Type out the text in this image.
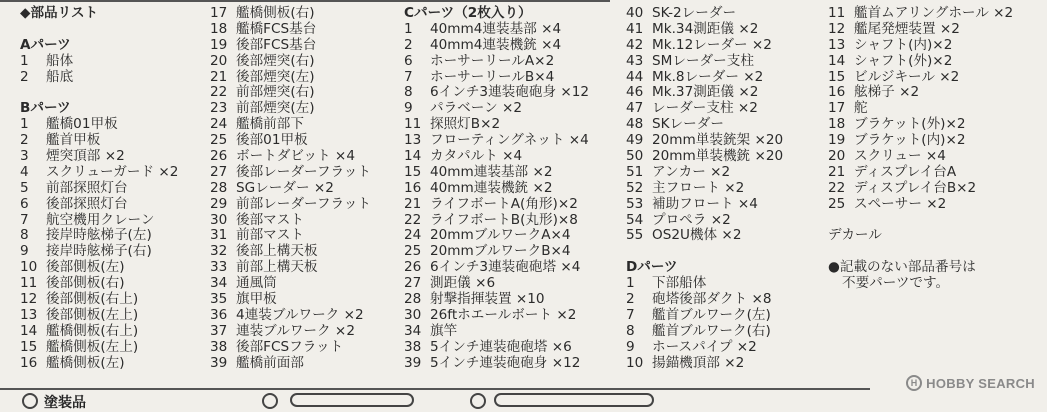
◆部品リスト
Aパーツ
1	船体
2	船底
Bパーツ
1	艦橋01甲板
2	艦首甲板
3	煙突頂部 ×2
4	スクリューガード ×2
5	前部探照灯台
6	後部探照灯台
7	航空機用クレーン
8	接岸時舷梯子(左)
9	接岸時舷梯子(右)
10 後部側板(左)
11 後部側板(右)
12 後部側板(右上)
13 後部側板(左上)
14 艦橋側板(右上)
15 艦橋側板(左上)
16 艦橋側板(左)
17 艦橋側板(右)
18 艦橋FCS基台
19 後部FCS基台
20 後部煙突(右)
21 後部煙突(左)
22 前部煙突(右)
23 前部煙突(左)
24 艦橋前部下
25 後部01甲板
26 ボートダビット ×4
27 後部レーダーフラット
28 SGレーダー ×2
29 前部レーダーフラット
30 後部マスト
31 前部マスト
32 後部上構天板
33 前部上構天板
34 通風筒
35 旗甲板
36 4連装ブルワーク ×2
37 連装ブルワーク ×2
38 後部FCSフラット
39 艦橋前面部
Cパーツ（2枚入り）
1	40mm4連装基部 ×4
2	40mm4連装機銃 ×4
6	ホーサーリールA×2
7	ホーサーリールB×4
8	6インチ3連装砲砲身 ×12
9	パラベーン ×2
11 探照灯B×2
13 フローティングネット ×4
14 カタパルト ×4
15 40mm連装基部 ×2
16 40mm連装機銃 ×2
21 ライフボートA(角形)×2
22 ライフボートB(丸形)×8
24 20mmブルワークA×4
25 20mmブルワークB×4
26 6インチ3連装砲砲塔 ×4
27 測距儀 ×6
28 射撃指揮装置 ×10
30 26ftホエールボート ×2
34 旗竿
38 5インチ連装砲砲塔 ×6
39 5インチ連装砲砲身 ×12
40 SK-2レーダー
41 Mk.34測距儀 ×2
42 Mk.12レーダー ×2
43 SMレーダー支柱
44 Mk.8レーダー ×2
46 Mk.37測距儀 ×2
47 レーダー支柱 ×2
48 SKレーダー
49 20mm単装銃架 ×20
50 20mm単装機銃 ×20
51 アンカー ×2
52 主フロート ×2
53 補助フロート ×4
54 プロペラ ×2
55 OS2U機体 ×2
Dパーツ
1	下部船体
2	砲塔後部ダクト ×8
7	艦首ブルワーク(左)
8	艦首ブルワーク(右)
9	ホースパイプ ×2
10 揚錨機頂部 ×2
11 艦首ムアリングホール ×2
12 艦尾発煙装置 ×2
13 シャフト(内)×2
14 シャフト(外)×2
15 ビルジキール ×2
16 舷梯子 ×2
17 舵
18 ブラケット(外)×2
19 ブラケット(内)×2
20 スクリュー ×4
21 ディスプレイ台A
22 ディスプレイ台B×2
25 スペーサー ×2
デカール
●記載のない部品番号は
不要パーツです。
塗装品
H HOBBY SEARCH
